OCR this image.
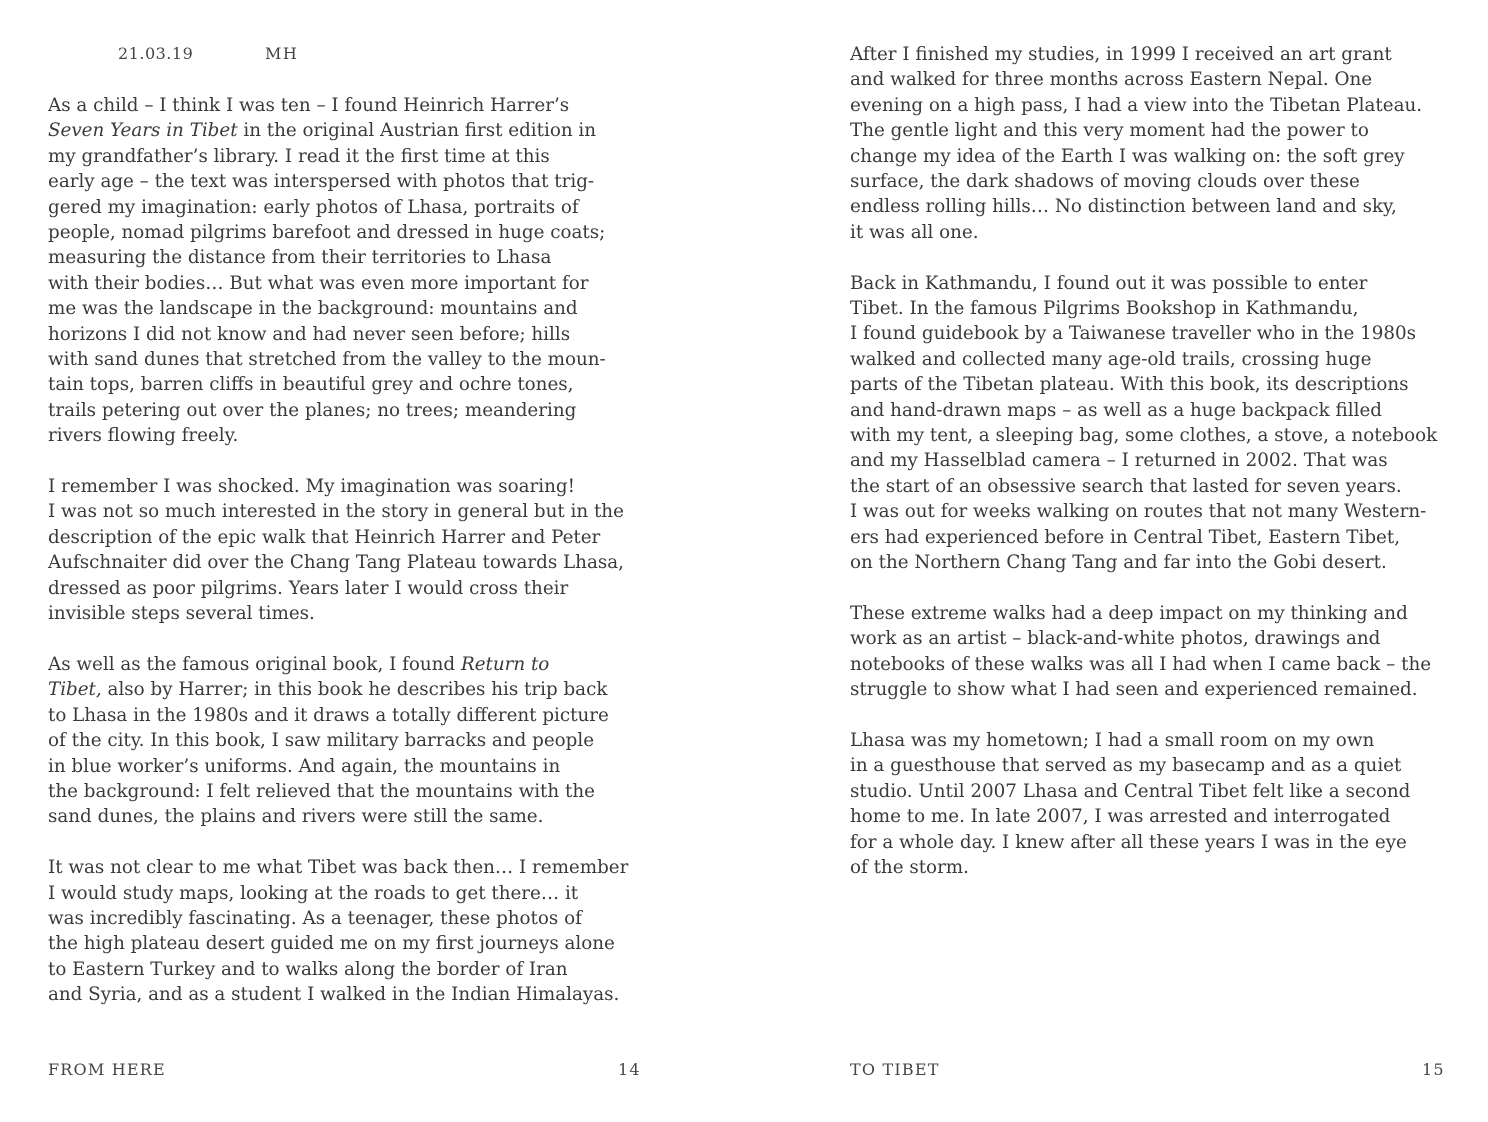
21.03.19	MH

As a child – I think I was ten – I found Heinrich Harrer’s
Seven Years in Tibet in the original Austrian first edition in
my grandfather’s library. I read it the first time at this
early age – the text was interspersed with photos that trig-
gered my imagination: early photos of Lhasa, portraits of
people, nomad pilgrims barefoot and dressed in huge coats;
measuring the distance from their territories to Lhasa
with their bodies… But what was even more important for
me was the landscape in the background: mountains and
horizons I did not know and had never seen before; hills
with sand dunes that stretched from the valley to the moun-
tain tops, barren cliffs in beautiful grey and ochre tones,
trails petering out over the planes; no trees; meandering
rivers flowing freely.

I remember I was shocked. My imagination was soaring!
I was not so much interested in the story in general but in the
description of the epic walk that Heinrich Harrer and Peter
Aufschnaiter did over the Chang Tang Plateau towards Lhasa,
dressed as poor pilgrims. Years later I would cross their
invisible steps several times.

As well as the famous original book, I found Return to
Tibet, also by Harrer; in this book he describes his trip back
to Lhasa in the 1980s and it draws a totally different picture
of the city. In this book, I saw military barracks and people
in blue worker’s uniforms. And again, the mountains in
the background: I felt relieved that the mountains with the
sand dunes, the plains and rivers were still the same.

It was not clear to me what Tibet was back then… I remember
I would study maps, looking at the roads to get there… it
was incredibly fascinating. As a teenager, these photos of
the high plateau desert guided me on my first journeys alone
to Eastern Turkey and to walks along the border of Iran
and Syria, and as a student I walked in the Indian Himalayas.

FROM HERE	14

After I finished my studies, in 1999 I received an art grant
and walked for three months across Eastern Nepal. One
evening on a high pass, I had a view into the Tibetan Plateau.
The gentle light and this very moment had the power to
change my idea of the Earth I was walking on: the soft grey
surface, the dark shadows of moving clouds over these
endless rolling hills… No distinction between land and sky,
it was all one.

Back in Kathmandu, I found out it was possible to enter
Tibet. In the famous Pilgrims Bookshop in Kathmandu,
I found guidebook by a Taiwanese traveller who in the 1980s
walked and collected many age-old trails, crossing huge
parts of the Tibetan plateau. With this book, its descriptions
and hand-drawn maps – as well as a huge backpack filled
with my tent, a sleeping bag, some clothes, a stove, a notebook
and my Hasselblad camera – I returned in 2002. That was
the start of an obsessive search that lasted for seven years.
I was out for weeks walking on routes that not many Western-
ers had experienced before in Central Tibet, Eastern Tibet,
on the Northern Chang Tang and far into the Gobi desert.

These extreme walks had a deep impact on my thinking and
work as an artist – black-and-white photos, drawings and
notebooks of these walks was all I had when I came back – the
struggle to show what I had seen and experienced remained.

Lhasa was my hometown; I had a small room on my own
in a guesthouse that served as my basecamp and as a quiet
studio. Until 2007 Lhasa and Central Tibet felt like a second
home to me. In late 2007, I was arrested and interrogated
for a whole day. I knew after all these years I was in the eye
of the storm.

TO TIBET	15
